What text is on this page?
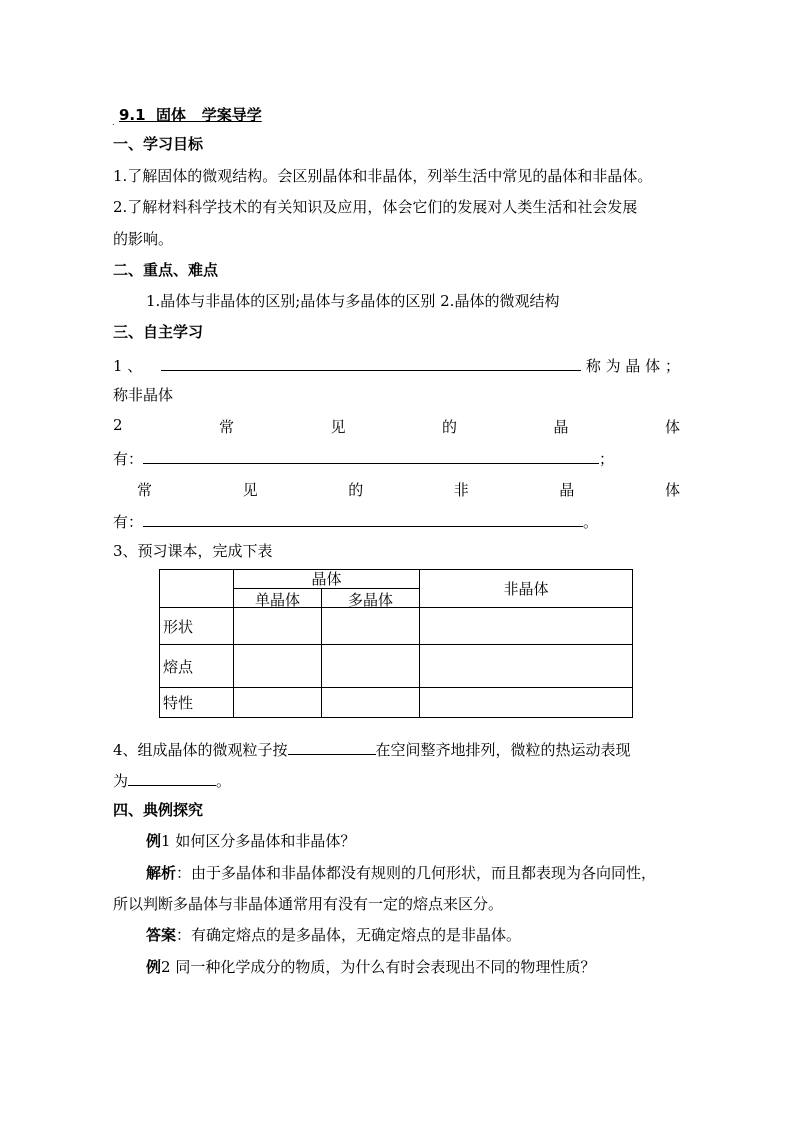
. 9.1 固体 学案导学
一、学习目标
1.了解固体的微观结构。会区别晶体和非晶体，列举生活中常见的晶体和非晶体。
2.了解材料科学技术的有关知识及应用，体会它们的发展对人类生活和社会发展
的影响。
二、重点、难点
1.晶体与非晶体的区别;晶体与多晶体的区别 2.晶体的微观结构
三、自主学习
1 、	称 为 晶 体 ；
称非晶体
2	常	见	的	晶	体
有：	；
常	见	的	非	晶	体
有：	。
3、预习课本，完成下表

	晶体
单晶体 多晶体		非晶体
形状			
熔点			
特性			
4、组成晶体的微观粒子按	在空间整齐地排列，微粒的热运动表现
为	。
四、典例探究
例1 如何区分多晶体和非晶体？
解析：由于多晶体和非晶体都没有规则的几何形状，而且都表现为各向同性，
所以判断多晶体与非晶体通常用有没有一定的熔点来区分。
答案：有确定熔点的是多晶体，无确定熔点的是非晶体。
例2 同一种化学成分的物质，为什么有时会表现出不同的物理性质？
